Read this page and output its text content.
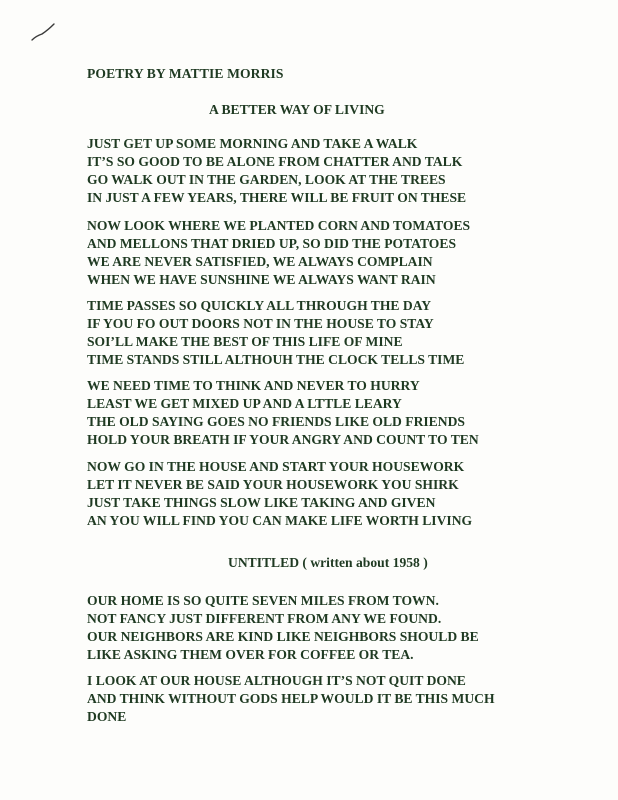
POETRY BY MATTIE MORRIS
A BETTER WAY OF LIVING
JUST GET UP SOME MORNING AND TAKE A WALK
IT’S SO GOOD TO BE ALONE FROM CHATTER AND TALK
GO WALK OUT IN THE GARDEN, LOOK AT THE TREES
IN JUST A FEW YEARS, THERE WILL BE FRUIT ON THESE
NOW LOOK WHERE WE PLANTED CORN AND TOMATOES
AND MELLONS THAT DRIED UP, SO DID THE POTATOES
WE ARE NEVER SATISFIED, WE ALWAYS COMPLAIN
WHEN WE HAVE SUNSHINE WE ALWAYS WANT RAIN
TIME PASSES SO QUICKLY ALL THROUGH THE DAY
IF YOU FO OUT DOORS NOT IN THE HOUSE TO STAY
SOI’LL MAKE THE BEST OF THIS LIFE OF MINE
TIME STANDS STILL ALTHOUH THE CLOCK TELLS TIME
WE NEED TIME TO THINK AND NEVER TO HURRY
LEAST WE GET MIXED UP AND A LTTLE LEARY
THE OLD SAYING GOES NO FRIENDS LIKE OLD FRIENDS
HOLD YOUR BREATH IF YOUR ANGRY AND COUNT TO TEN
NOW GO IN THE HOUSE AND START YOUR HOUSEWORK
LET IT NEVER BE SAID YOUR HOUSEWORK YOU SHIRK
JUST TAKE THINGS SLOW LIKE TAKING AND GIVEN
AN YOU WILL FIND YOU CAN MAKE LIFE WORTH LIVING
UNTITLED ( written about 1958 )
OUR HOME IS SO QUITE SEVEN MILES FROM TOWN.
NOT FANCY JUST DIFFERENT FROM ANY WE FOUND.
OUR NEIGHBORS ARE KIND LIKE NEIGHBORS SHOULD BE
LIKE ASKING THEM OVER FOR COFFEE OR TEA.
I LOOK AT OUR HOUSE ALTHOUGH IT’S NOT QUIT DONE
AND THINK WITHOUT GODS HELP WOULD IT BE THIS MUCH
DONE
